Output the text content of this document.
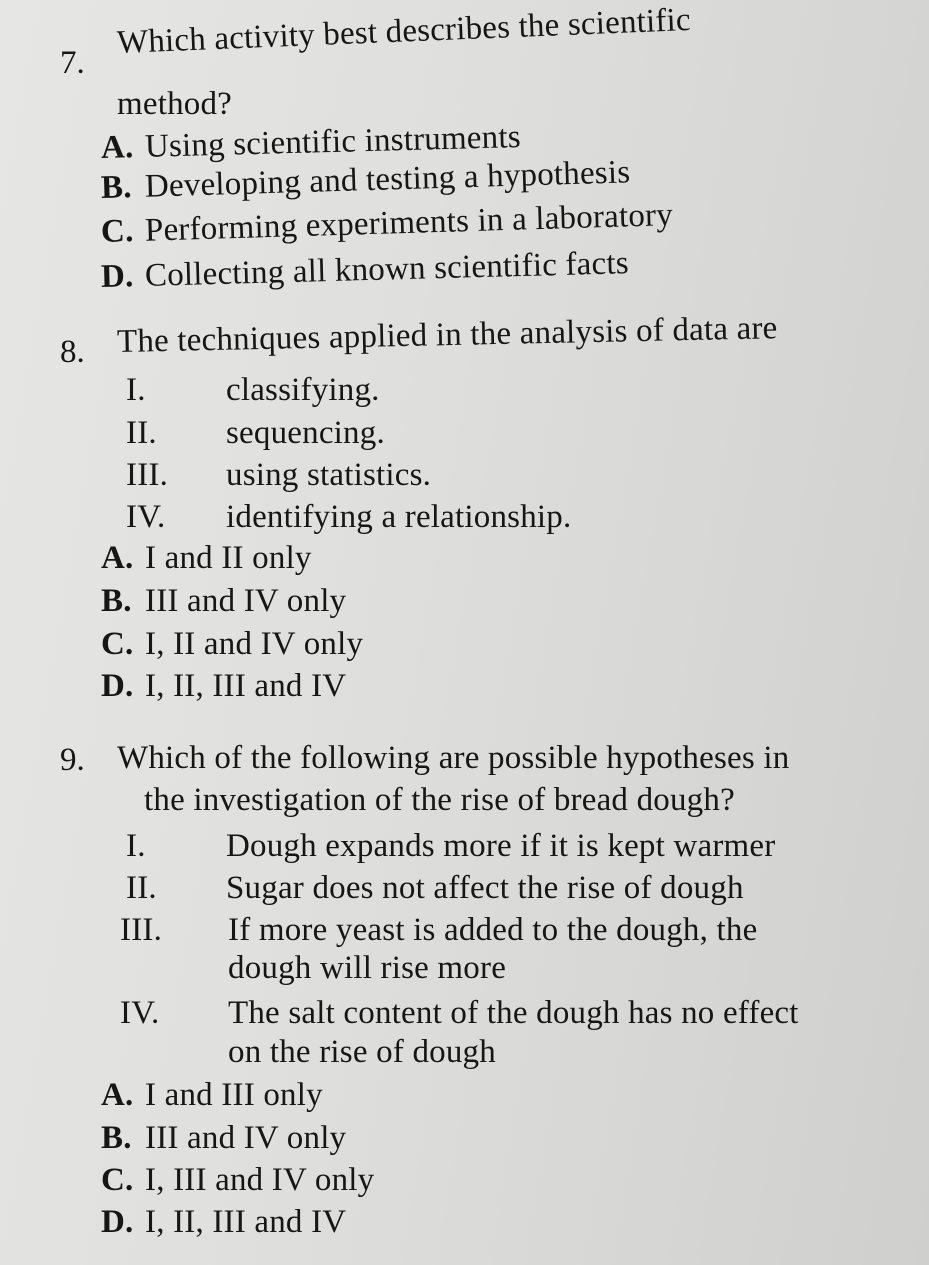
7.
Which activity best describes the scientific
method?
A. Using scientific instruments
B. Developing and testing a hypothesis
C. Performing experiments in a laboratory
D. Collecting all known scientific facts
8. The techniques applied in the analysis of data are
I. classifying.
II. sequencing.
III. using statistics.
IV. identifying a relationship.
A. I and II only
B. III and IV only
C. I, II and IV only
D. I, II, III and IV
9. Which of the following are possible hypotheses in
the investigation of the rise of bread dough?
I. Dough expands more if it is kept warmer
II. Sugar does not affect the rise of dough
III. If more yeast is added to the dough, the
dough will rise more
IV. The salt content of the dough has no effect
on the rise of dough
A. I and III only
B. III and IV only
C. I, III and IV only
D. I, II, III and IV
